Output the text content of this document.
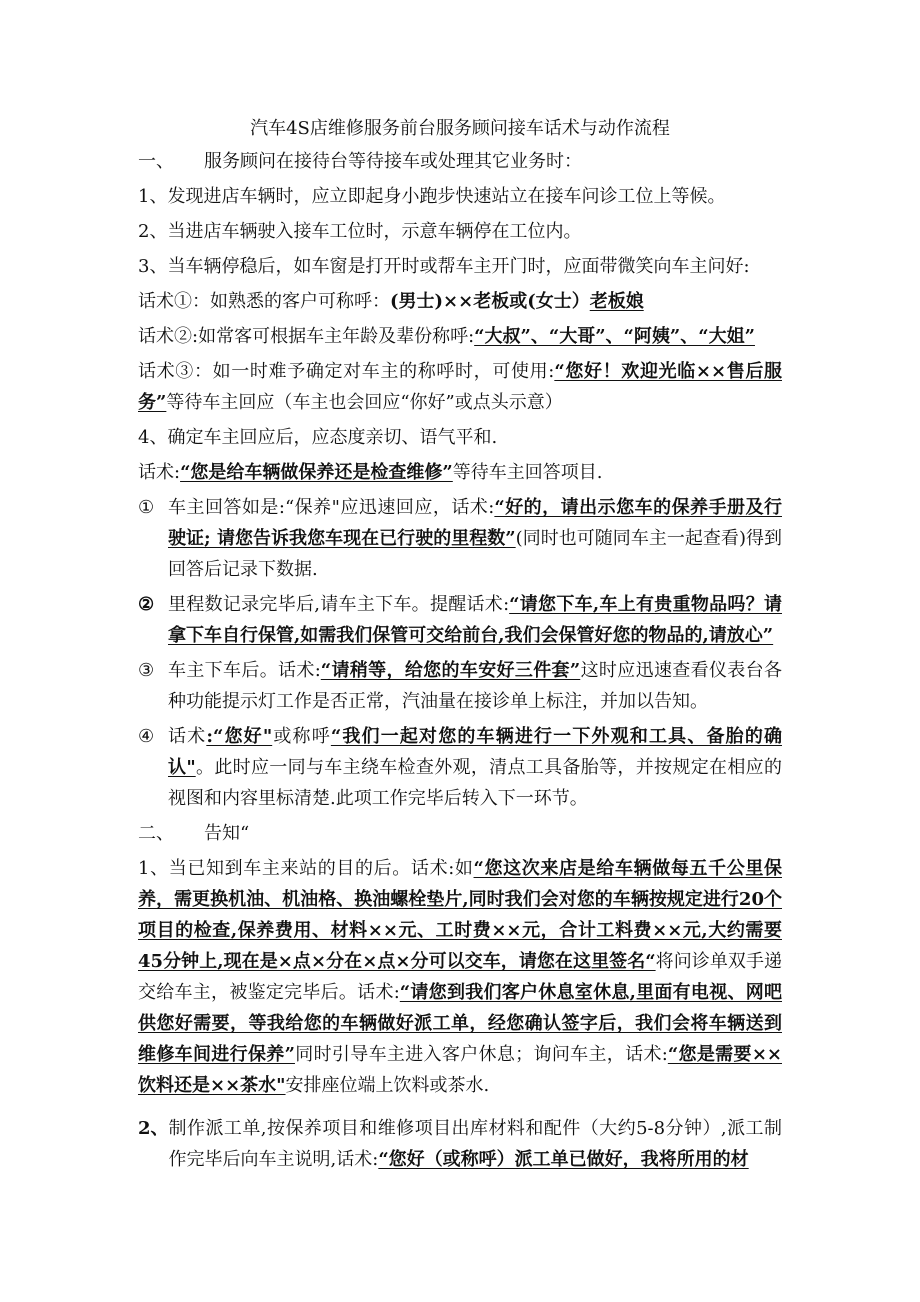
汽车4S店维修服务前台服务顾问接车话术与动作流程
一、	服务顾问在接待台等待接车或处理其它业务时：
1、发现进店车辆时，应立即起身小跑步快速站立在接车问诊工位上等候。
2、当进店车辆驶入接车工位时，示意车辆停在工位内。
3、当车辆停稳后，如车窗是打开时或帮车主开门时，应面带微笑向车主问好:
话术①：如熟悉的客户可称呼：(男士)××老板或(女士）老板娘
话术②:如常客可根据车主年龄及辈份称呼:“大叔”、“大哥”、“阿姨”、“大姐”
话术③：如一时难予确定对车主的称呼时，可使用:“您好！欢迎光临××售后服务”等待车主回应（车主也会回应“你好”或点头示意）
4、确定车主回应后，应态度亲切、语气平和.
话术:“您是给车辆做保养还是检查维修”等待车主回答项目.
① 车主回答如是:“保养"应迅速回应，话术:“好的，请出示您车的保养手册及行驶证; 请您告诉我您车现在已行驶的里程数”(同时也可随同车主一起查看)得到回答后记录下数据.
② 里程数记录完毕后,请车主下车。提醒话术:“请您下车,车上有贵重物品吗？请拿下车自行保管,如需我们保管可交给前台,我们会保管好您的物品的,请放心”
③ 车主下车后。话术:“请稍等，给您的车安好三件套”这时应迅速查看仪表台各种功能提示灯工作是否正常，汽油量在接诊单上标注，并加以告知。
④ 话术:“您好"或称呼“我们一起对您的车辆进行一下外观和工具、备胎的确认"。此时应一同与车主绕车检查外观，清点工具备胎等，并按规定在相应的视图和内容里标清楚.此项工作完毕后转入下一环节。
二、	告知“
1、当已知到车主来站的目的后。话术:如“您这次来店是给车辆做每五千公里保养，需更换机油、机油格、换油螺栓垫片,同时我们会对您的车辆按规定进行20个项目的检查,保养费用、材料××元、工时费××元，合计工料费××元,大约需要45分钟上,现在是×点×分在×点×分可以交车，请您在这里签名“将问诊单双手递交给车主，被鉴定完毕后。话术:“请您到我们客户休息室休息,里面有电视、网吧供您好需要，等我给您的车辆做好派工单，经您确认签字后，我们会将车辆送到维修车间进行保养”同时引导车主进入客户休息；询问车主，话术:“您是需要××饮料还是××茶水"安排座位端上饮料或茶水.
2、 制作派工单,按保养项目和维修项目出库材料和配件（大约5-8分钟）,派工制作完毕后向车主说明,话术:“您好（或称呼）派工单已做好，我将所用的材
